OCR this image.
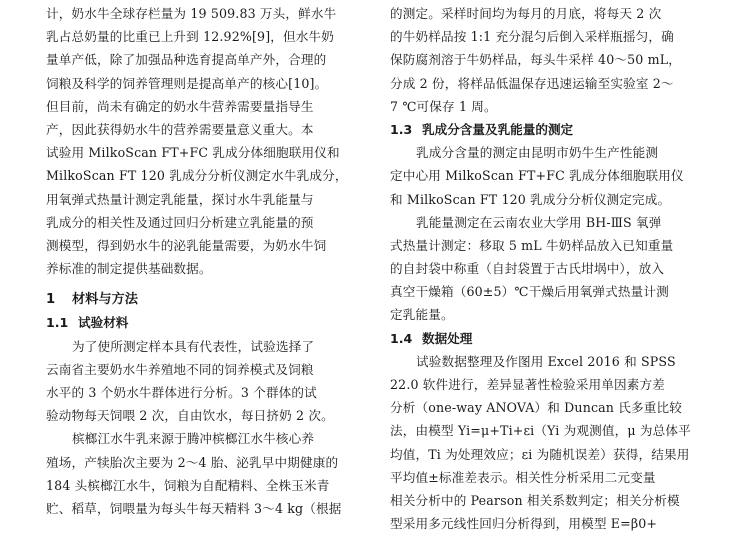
计，奶水牛全球存栏量为 19 509.83 万头，鲜水牛
乳占总奶量的比重已上升到 12.92%[9]，但水牛奶
量单产低，除了加强品种选育提高单产外，合理的
饲粮及科学的饲养管理则是提高单产的核心[10]。
但目前，尚未有确定的奶水牛营养需要量指导生
产，因此获得奶水牛的营养需要量意义重大。本
试验用 MilkoScan FT+FC 乳成分体细胞联用仪和
MilkoScan FT 120 乳成分分析仪测定水牛乳成分，
用氧弹式热量计测定乳能量，探讨水牛乳能量与
乳成分的相关性及通过回归分析建立乳能量的预
测模型，得到奶水牛的泌乳能量需要，为奶水牛饲
养标准的制定提供基础数据。
1 材料与方法
1.1 试验材料
为了使所测定样本具有代表性，试验选择了
云南省主要奶水牛养殖地不同的饲养模式及饲粮
水平的 3 个奶水牛群体进行分析。3 个群体的试
验动物每天饲喂 2 次，自由饮水，每日挤奶 2 次。
槟榔江水牛乳来源于腾冲槟榔江水牛核心养
殖场，产犊胎次主要为 2～4 胎、泌乳早中期健康的
184 头槟榔江水牛，饲粮为自配精料、全株玉米青
贮、稻草，饲喂量为每头牛每天精料 3～4 kg（根据
的测定。采样时间均为每月的月底，将每天 2 次
的牛奶样品按 1:1 充分混匀后倒入采样瓶摇匀，确
保防腐剂溶于牛奶样品，每头牛采样 40～50 mL，
分成 2 份，将样品低温保存迅速运输至实验室 2～
7 ℃可保存 1 周。
1.3 乳成分含量及乳能量的测定
乳成分含量的测定由昆明市奶牛生产性能测
定中心用 MilkoScan FT+FC 乳成分体细胞联用仪
和 MilkoScan FT 120 乳成分分析仪测定完成。
乳能量测定在云南农业大学用 BH-ⅢS 氧弹
式热量计测定：移取 5 mL 牛奶样品放入已知重量
的自封袋中称重（自封袋置于古氏坩埚中），放入
真空干燥箱（60±5）℃干燥后用氧弹式热量计测
定乳能量。
1.4 数据处理
试验数据整理及作图用 Excel 2016 和 SPSS
22.0 软件进行，差异显著性检验采用单因素方差
分析（one-way ANOVA）和 Duncan 氏多重比较
法，由模型 Yi=μ+Ti+εi（Yi 为观测值，μ 为总体平
均值，Ti 为处理效应；εi 为随机误差）获得，结果用
平均值±标准差表示。相关性分析采用二元变量
相关分析中的 Pearson 相关系数判定；相关分析模
型采用多元线性回归分析得到，用模型 E=β0+
